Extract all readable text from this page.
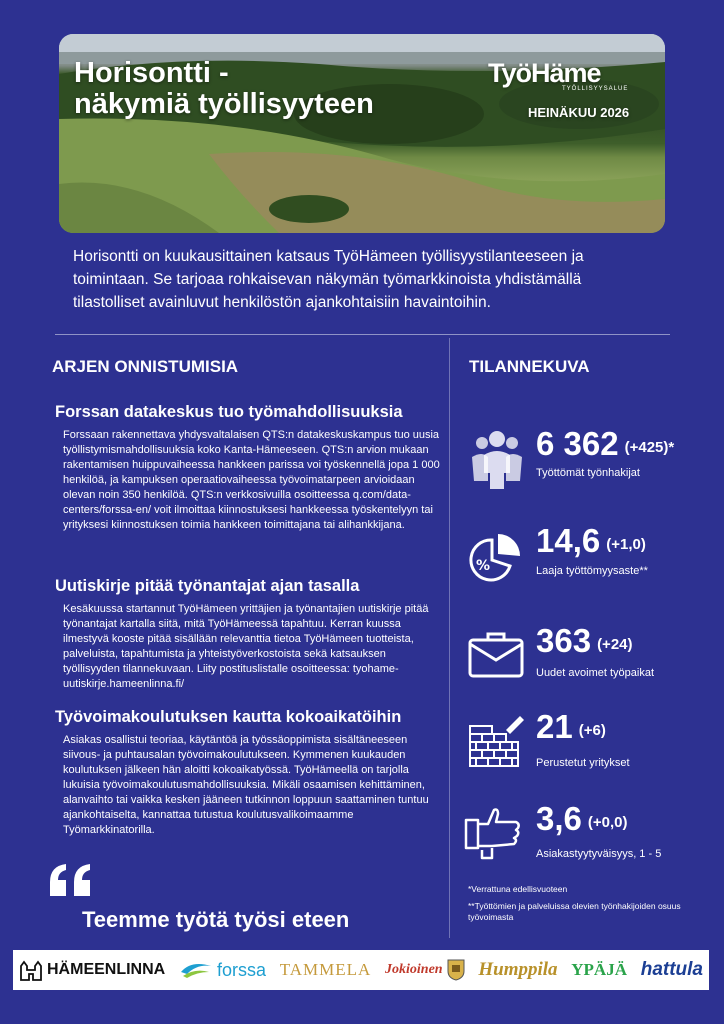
Horisontti -
näkymiä työllisyyteen
TyöHäme
TYÖLLISYYSALUE
HEINÄKUU 2026
Horisontti on kuukausittainen katsaus TyöHämeen työllisyystilanteeseen ja toimintaan. Se tarjoaa rohkaisevan näkymän työmarkkinoista yhdistämällä tilastolliset avainluvut henkilöstön ajankohtaisiin havaintoihin.
ARJEN ONNISTUMISIA
Forssan datakeskus tuo työmahdollisuuksia

Forssaan rakennettava yhdysvaltalaisen QTS:n datakeskuskampus tuo uusia työllistymismahdollisuuksia koko Kanta-Hämeeseen. QTS:n arvion mukaan rakentamisen huippuvaiheessa hankkeen parissa voi työskennellä jopa 1 000 henkilöä, ja kampuksen operaatiovaiheessa työvoimatarpeen arvioidaan olevan noin 350 henkilöä. QTS:n verkkosivuilla osoitteessa q.com/data-centers/forssa-en/ voit ilmoittaa kiinnostuksesi hankkeessa työskentelyyn tai yrityksesi kiinnostuksen toimia hankkeen toimittajana tai alihankkijana.

Uutiskirje pitää työnantajat ajan tasalla

Kesäkuussa startannut TyöHämeen yrittäjien ja työnantajien uutiskirje pitää työnantajat kartalla siitä, mitä TyöHämeessä tapahtuu. Kerran kuussa ilmestyvä kooste pitää sisällään relevanttia tietoa TyöHämeen tuotteista, palveluista, tapahtumista ja yhteistyöverkostoista sekä katsauksen työllisyyden tilannekuvaan. Liity postituslistalle osoitteessa: tyohame-uutiskirje.hameenlinna.fi/

Työvoimakoulutuksen kautta kokoaikatöihin

Asiakas osallistui teoriaa, käytäntöä ja työssäoppimista sisältäneeseen siivous- ja puhtausalan työvoimakoulutukseen. Kymmenen kuukauden koulutuksen jälkeen hän aloitti kokoaikatyössä. TyöHämeellä on tarjolla lukuisia työvoimakoulutusmahdollisuuksia. Mikäli osaamisen kehittäminen, alanvaihto tai vaikka kesken jääneen tutkinnon loppuun saattaminen tuntuu ajankohtaiselta, kannattaa tutustua koulutusvalikoimaamme Työmarkkinatorilla.

Teemme työtä työsi eteen
TILANNEKUVA
6 362 (+425)*
Työttömät työnhakijat
%
14,6 (+1,0)
Laaja työttömyysaste**
363 (+24)
Uudet avoimet työpaikat
21 (+6)
Perustetut yritykset
3,6 (+0,0)
Asiakastyytyväisyys, 1 - 5
*Verrattuna edellisvuoteen
**Työttömien ja palveluissa olevien työnhakijoiden osuus työvoimasta
HÄMEENLINNA	forssa TAMMELA Jokioinen Humppila YPÄJÄ hattula
